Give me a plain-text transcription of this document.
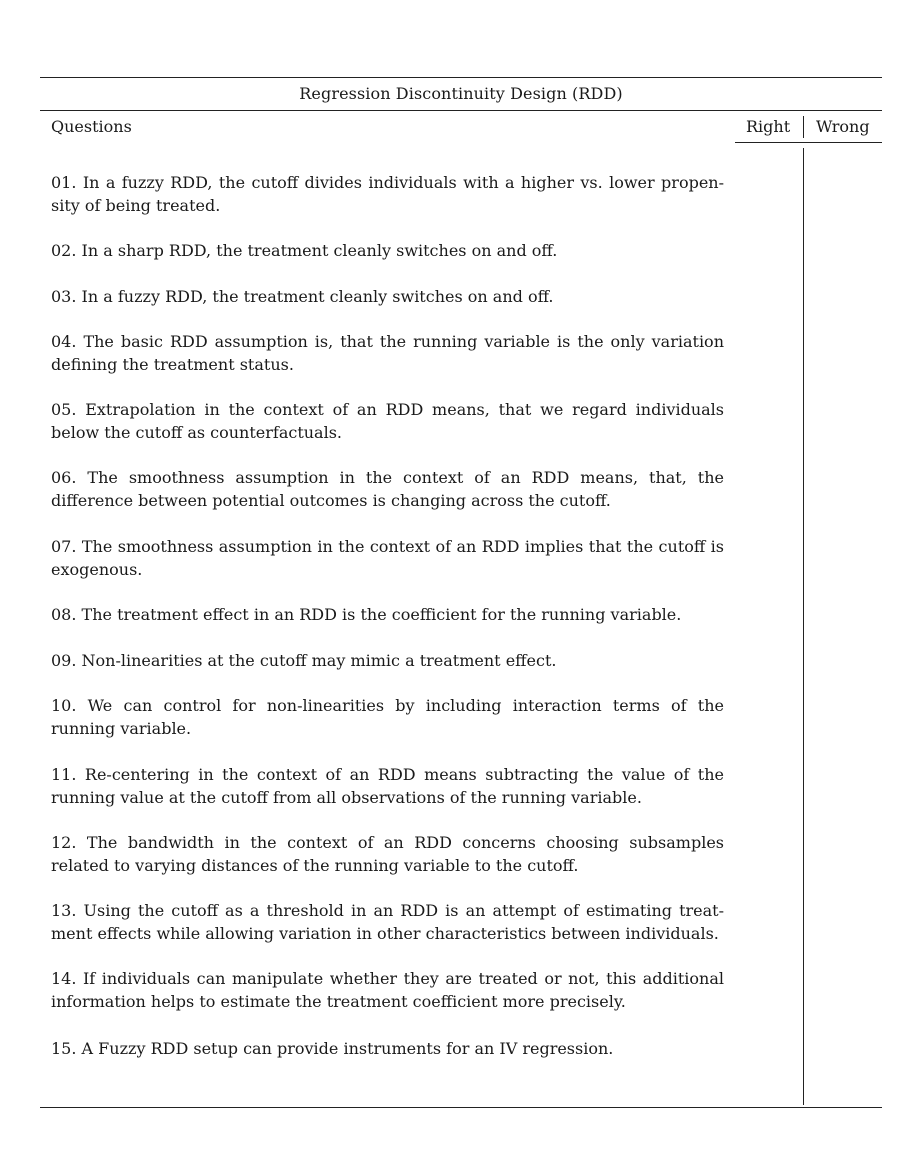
Regression Discontinuity Design (RDD)
Questions	Right Wrong

01. In a fuzzy RDD, the cutoff divides individuals with a higher vs. lower propen-sity of being treated.

02. In a sharp RDD, the treatment cleanly switches on and off.

03. In a fuzzy RDD, the treatment cleanly switches on and off.

04. The basic RDD assumption is, that the running variable is the only variation defining the treatment status.

05. Extrapolation in the context of an RDD means, that we regard individuals below the cutoff as counterfactuals.

06. The smoothness assumption in the context of an RDD means, that, the difference between potential outcomes is changing across the cutoff.

07. The smoothness assumption in the context of an RDD implies that the cutoff is exogenous.

08. The treatment effect in an RDD is the coefficient for the running variable.

09. Non-linearities at the cutoff may mimic a treatment effect.

10. We can control for non-linearities by including interaction terms of the running variable.

11. Re-centering in the context of an RDD means subtracting the value of the running value at the cutoff from all observations of the running variable.

12. The bandwidth in the context of an RDD concerns choosing subsamples related to varying distances of the running variable to the cutoff.

13. Using the cutoff as a threshold in an RDD is an attempt of estimating treat-ment effects while allowing variation in other characteristics between individuals.

14. If individuals can manipulate whether they are treated or not, this additional information helps to estimate the treatment coefficient more precisely.

15. A Fuzzy RDD setup can provide instruments for an IV regression.
